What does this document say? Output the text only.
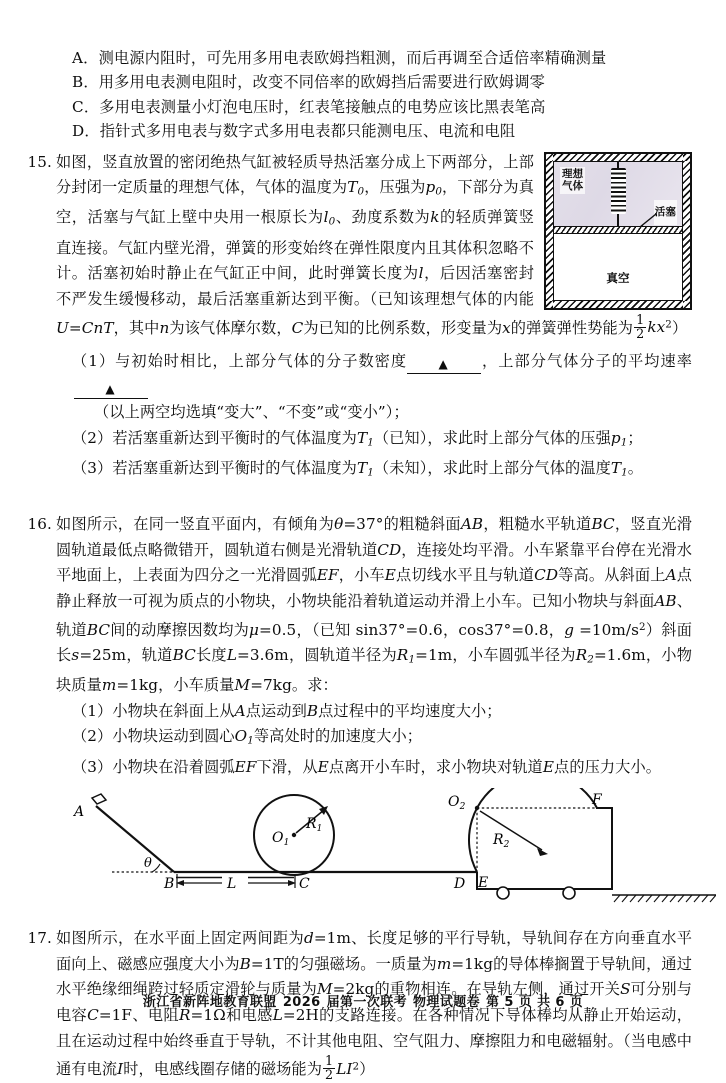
A．测电源内阻时，可先用多用电表欧姆挡粗测，而后再调至合适倍率精确测量
B．用多用电表测电阻时，改变不同倍率的欧姆挡后需要进行欧姆调零
C．多用电表测量小灯泡电压时，红表笔接触点的电势应该比黑表笔高
D．指针式多用电表与数字式多用电表都只能测电压、电流和电阻
15.
理想
气体
活塞
真空

如图，竖直放置的密闭绝热气缸被轻质导热活塞分成上下两部分，上部分封闭一定质量的理想气体，气体的温度为T0，压强为p0，下部分为真空，活塞与气缸上壁中央用一根原长为l0、劲度系数为k的轻质弹簧竖直连接。气缸内壁光滑，弹簧的形变始终在弹性限度内且其体积忽略不计。活塞初始时静止在气缸正中间，此时弹簧长度为l，后因活塞密封不严发生缓慢移动，最后活塞重新达到平衡。（已知该理想气体的内能U=CnT，其中n为该气体摩尔数，C为已知的比例系数，形变量为x的弹簧弹性势能为 $\frac{1}{2} kx^2$）

（1）与初始时相比，上部分气体的分子数密度	▲ ，上部分气体分子的平均速率▲

（以上两空均选填“变大”、“不变”或“变小”）；

（2）若活塞重新达到平衡时的气体温度为T1（已知），求此时上部分气体的压强p1；

（3）若活塞重新达到平衡时的气体温度为T1（未知），求此时上部分气体的温度T1。

16. 如图所示，在同一竖直平面内，有倾角为θ=37°的粗糙斜面AB，粗糙水平轨道BC，竖直光滑圆轨道最低点略微错开，圆轨道右侧是光滑轨道CD，连接处均平滑。小车紧靠平台停在光滑水平地面上，上表面为四分之一光滑圆弧EF，小车E点切线水平且与轨道CD等高。从斜面上A点静止释放一可视为质点的小物块，小物块能沿着轨道运动并滑上小车。已知小物块与斜面AB、轨道BC间的动摩擦因数均为μ=0.5，（已知 sin37°=0.6，cos37°=0.8，$g =10m/s^2$）斜面长s=25m，轨道BC长度L=3.6m，圆轨道半径为R1=1m，小车圆弧半径为R2=1.6m，小物块质量m=1kg，小车质量M=7kg。求：

（1）小物块在斜面上从A点运动到B点过程中的平均速度大小；

（2）小物块运动到圆心O1等高处时的加速度大小；

（3）小物块在沿着圆弧EF下滑，从E点离开小车时，求小物块对轨道E点的压力大小。

A
θ
B	L	C
$O_1$
$R_1$
D E
F
$O_2$
$R_2$
17. 如图所示，在水平面上固定两间距为d=1m、长度足够的平行导轨，导轨间存在方向垂直水平面向上、磁感应强度大小为B=1T的匀强磁场。一质量为m=1kg的导体棒搁置于导轨间，通过水平绝缘细绳跨过轻质定滑轮与质量为M=2kg的重物相连。在导轨左侧，通过开关S可分别与电容C=1F、电阻R=1Ω和电感L=2H的支路连接。在各种情况下导体棒均从静止开始运动，且在运动过程中始终垂直于导轨，不计其他电阻、空气阻力、摩擦阻力和电磁辐射。（当电感中通有电流I时，电感线圈存储的磁场能为 $\frac{1}{2} LI^2$）

浙江省新阵地教育联盟 2026 届第一次联考 物理试题卷 第 5 页 共 6 页
